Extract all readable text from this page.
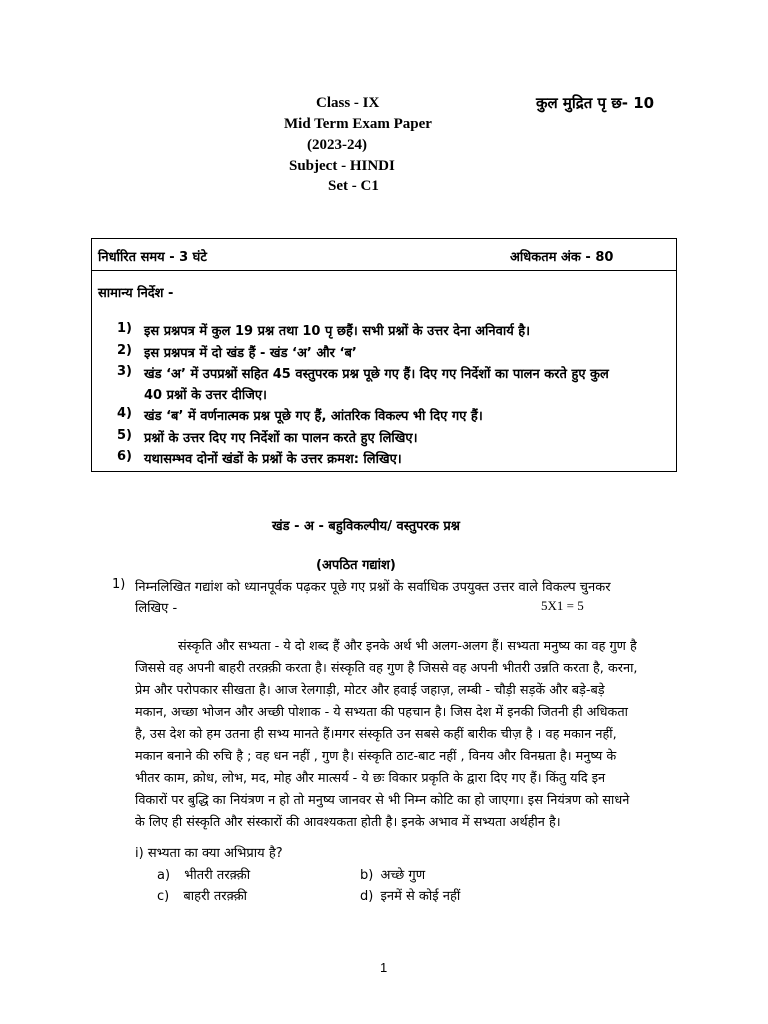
Class - IX
Mid Term Exam Paper
(2023-24)
Subject - HINDI
Set - C1
कुल मुद्रित पृ छ- 10
निर्धारित समय - 3 घंटे	अधिकतम अंक - 80
सामान्य निर्देश -
1) इस प्रश्नपत्र में कुल 19 प्रश्न तथा 10 पृ छहैं। सभी प्रश्नों के उत्तर देना अनिवार्य है।
2) इस प्रश्नपत्र में दो खंड हैं - खंड ‘अ’ और ‘ब’
3) खंड ‘अ’ में उपप्रश्नों सहित 45 वस्तुपरक प्रश्न पूछे गए हैं। दिए गए निर्देशों का पालन करते हुए कुल
40 प्रश्नों के उत्तर दीजिए।
4) खंड ‘ब’ में वर्णनात्मक प्रश्न पूछे गए हैं, आंतरिक विकल्प भी दिए गए हैं।
5) प्रश्नों के उत्तर दिए गए निर्देशों का पालन करते हुए लिखिए।
6) यथासम्भव दोनों खंडों के प्रश्नों के उत्तर क्रमश: लिखिए।
खंड - अ - बहुविकल्पीय/ वस्तुपरक प्रश्न
(अपठित गद्यांश)
1) निम्नलिखित गद्यांश को ध्यानपूर्वक पढ़कर पूछे गए प्रश्नों के सर्वाधिक उपयुक्त उत्तर वाले विकल्प चुनकर
लिखिए -	5X1 = 5
संस्कृति और सभ्यता - ये दो शब्द हैं और इनके अर्थ भी अलग-अलग हैं। सभ्यता मनुष्य का वह गुण है
जिससे वह अपनी बाहरी तरक़्क़ी करता है। संस्कृति वह गुण है जिससे वह अपनी भीतरी उन्नति करता है, करना,
प्रेम और परोपकार सीखता है। आज रेलगाड़ी, मोटर और हवाई जहाज़, लम्बी - चौड़ी सड़कें और बड़े-बड़े
मकान, अच्छा भोजन और अच्छी पोशाक - ये सभ्यता की पहचान है। जिस देश में इनकी जितनी ही अधिकता
है, उस देश को हम उतना ही सभ्य मानते हैं।मगर संस्कृति उन सबसे कहीं बारीक चीज़ है । वह मकान नहीं,
मकान बनाने की रुचि है ; वह धन नहीं , गुण है। संस्कृति ठाट-बाट नहीं , विनय और विनम्रता है। मनुष्य के
भीतर काम, क्रोध, लोभ, मद, मोह और मात्सर्य - ये छः विकार प्रकृति के द्वारा दिए गए हैं। किंतु यदि इन
विकारों पर बुद्धि का नियंत्रण न हो तो मनुष्य जानवर से भी निम्न कोटि का हो जाएगा। इस नियंत्रण को साधने
के लिए ही संस्कृति और संस्कारों की आवश्यकता होती है। इनके अभाव में सभ्यता अर्थहीन है।
i) सभ्यता का क्या अभिप्राय है?
a) भीतरी तरक़्क़ी	b) अच्छे गुण
c) बाहरी तरक़्क़ी	d) इनमें से कोई नहीं
1
